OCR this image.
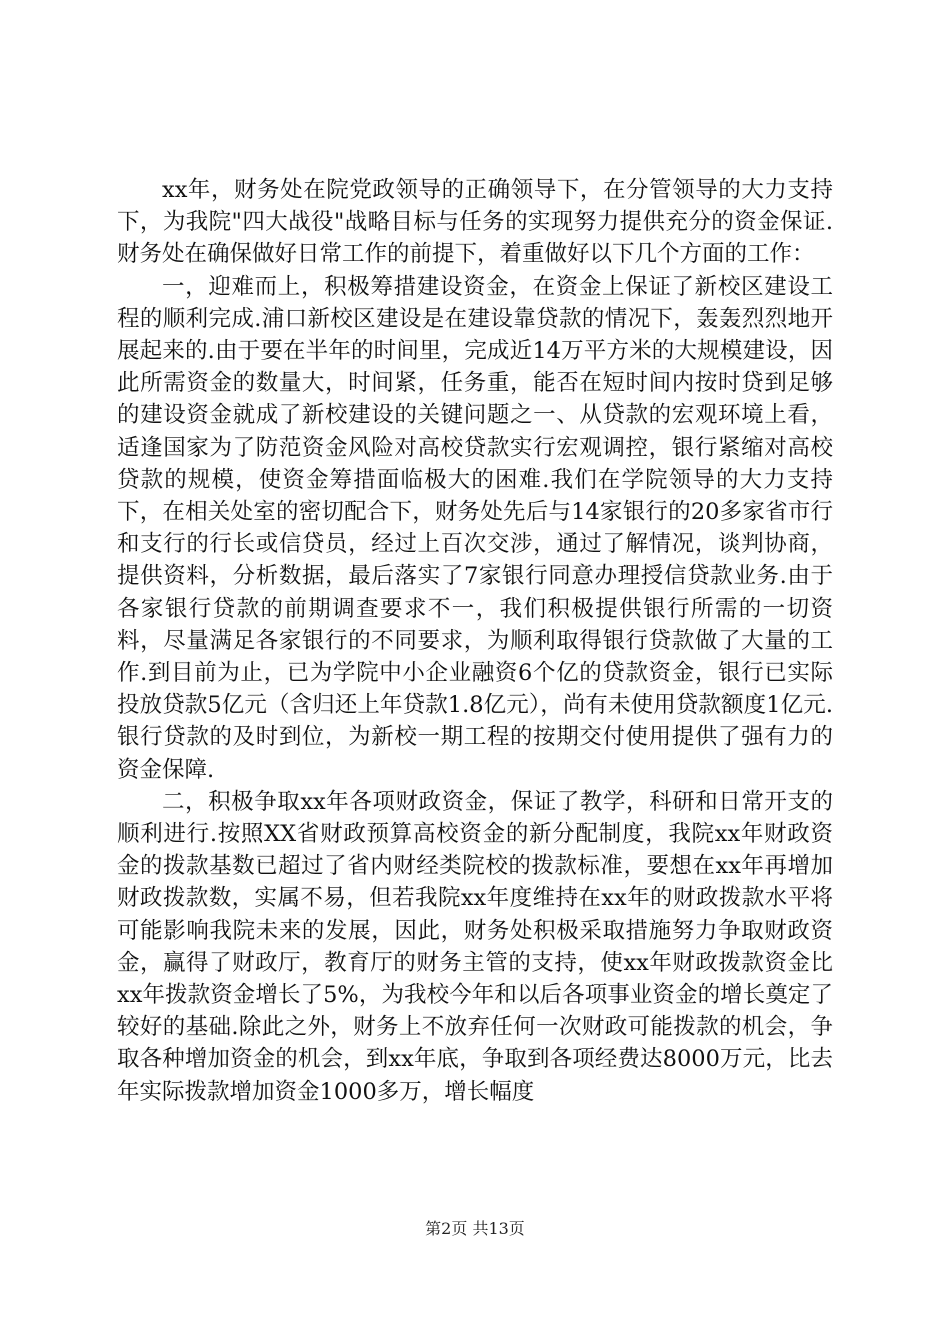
xx年，财务处在院党政领导的正确领导下，在分管领导的大力支持下，为我院"四大战役"战略目标与任务的实现努力提供充分的资金保证.财务处在确保做好日常工作的前提下，着重做好以下几个方面的工作：

一，迎难而上，积极筹措建设资金，在资金上保证了新校区建设工程的顺利完成.浦口新校区建设是在建设靠贷款的情况下，轰轰烈烈地开展起来的.由于要在半年的时间里，完成近14万平方米的大规模建设，因此所需资金的数量大，时间紧，任务重，能否在短时间内按时贷到足够的建设资金就成了新校建设的关键问题之一、从贷款的宏观环境上看，适逢国家为了防范资金风险对高校贷款实行宏观调控，银行紧缩对高校贷款的规模，使资金筹措面临极大的困难.我们在学院领导的大力支持下，在相关处室的密切配合下，财务处先后与14家银行的20多家省市行和支行的行长或信贷员，经过上百次交涉，通过了解情况，谈判协商，提供资料，分析数据，最后落实了7家银行同意办理授信贷款业务.由于各家银行贷款的前期调查要求不一，我们积极提供银行所需的一切资料，尽量满足各家银行的不同要求，为顺利取得银行贷款做了大量的工作.到目前为止，已为学院中小企业融资6个亿的贷款资金，银行已实际投放贷款5亿元（含归还上年贷款1.8亿元），尚有未使用贷款额度1亿元.银行贷款的及时到位，为新校一期工程的按期交付使用提供了强有力的资金保障.

二，积极争取xx年各项财政资金，保证了教学，科研和日常开支的顺利进行.按照XX省财政预算高校资金的新分配制度，我院xx年财政资金的拨款基数已超过了省内财经类院校的拨款标准，要想在xx年再增加财政拨款数，实属不易，但若我院xx年度维持在xx年的财政拨款水平将可能影响我院未来的发展，因此，财务处积极采取措施努力争取财政资金，赢得了财政厅，教育厅的财务主管的支持，使xx年财政拨款资金比xx年拨款资金增长了5%，为我校今年和以后各项事业资金的增长奠定了较好的基础.除此之外，财务上不放弃任何一次财政可能拨款的机会，争取各种增加资金的机会，到xx年底，争取到各项经费达8000万元，比去年实际拨款增加资金1000多万，增长幅度

第2页 共13页
